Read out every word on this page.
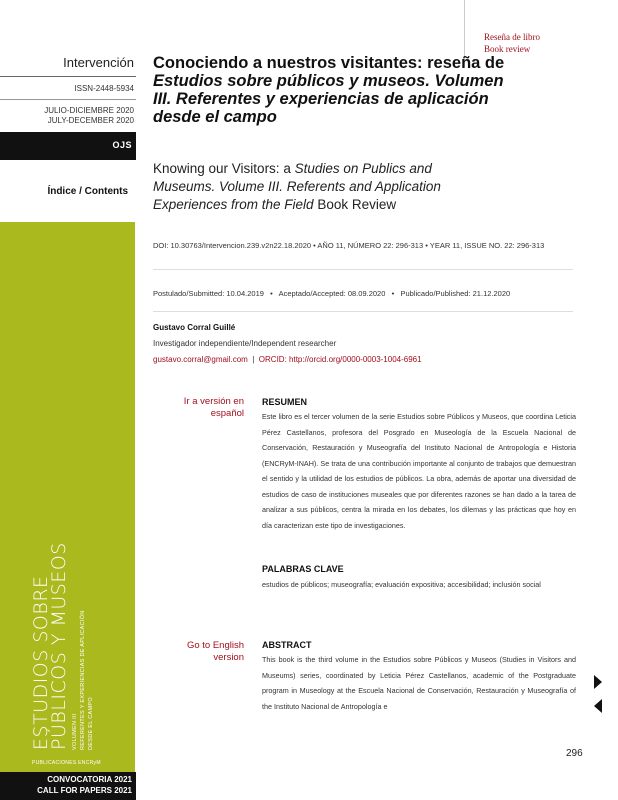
Intervención
ISSN-2448-5934
JULIO-DICIEMBRE 2020
JULY-DECEMBER 2020
OJS
Índice / Contents
ESTUDIOS SOBRE
PÚBLICOS Y MUSEOS VOLUMEN III REFERENTES Y EXPERIENCIAS DE APLICACIÓN DESDE EL CAMPO
PUBLICACIONES ENCRyM
CONVOCATORIA 2021
CALL FOR PAPERS 2021
Reseña de libro
Book review
Conociendo a nuestros visitantes: reseña de Estudios sobre públicos y museos. Volumen III. Referentes y experiencias de aplicación desde el campo
Knowing our Visitors: a Studies on Publics and Museums. Volume III. Referents and Application Experiences from the Field Book Review
DOI: 10.30763/Intervencion.239.v2n22.18.2020 • AÑO 11, NÚMERO 22: 296-313 • YEAR 11, ISSUE NO. 22: 296-313
Postulado/Submitted: 10.04.2019   •   Aceptado/Accepted: 08.09.2020   •   Publicado/Published: 21.12.2020
Gustavo Corral Guillé
Investigador independiente/Independent researcher
gustavo.corral@gmail.com  |  ORCID: http://orcid.org/0000-0003-1004-6961
Ir a versión en español
Go to English version
RESUMEN
Este libro es el tercer volumen de la serie Estudios sobre Públicos y Museos, que coordina Leticia Pérez Castellanos, profesora del Posgrado en Museología de la Escuela Nacional de Conservación, Restauración y Museografía del Instituto Nacional de Antropología e Historia (ENCRyM-INAH). Se trata de una contribución importante al conjunto de trabajos que demuestran el sentido y la utilidad de los estudios de públicos. La obra, además de aportar una diversidad de estudios de caso de instituciones museales que por diferentes razones se han dado a la tarea de analizar a sus públicos, centra la mirada en los debates, los dilemas y las prácticas que hoy en día caracterizan este tipo de investigaciones.
PALABRAS CLAVE
estudios de públicos; museografía; evaluación expositiva; accesibilidad; inclusión social
ABSTRACT
This book is the third volume in the Estudios sobre Públicos y Museos (Studies in Visitors and Museums) series, coordinated by Leticia Pérez Castellanos, academic of the Postgraduate program in Museology at the Escuela Nacional de Conservación, Restauración y Museografía of the Instituto Nacional de Antropología e
296
